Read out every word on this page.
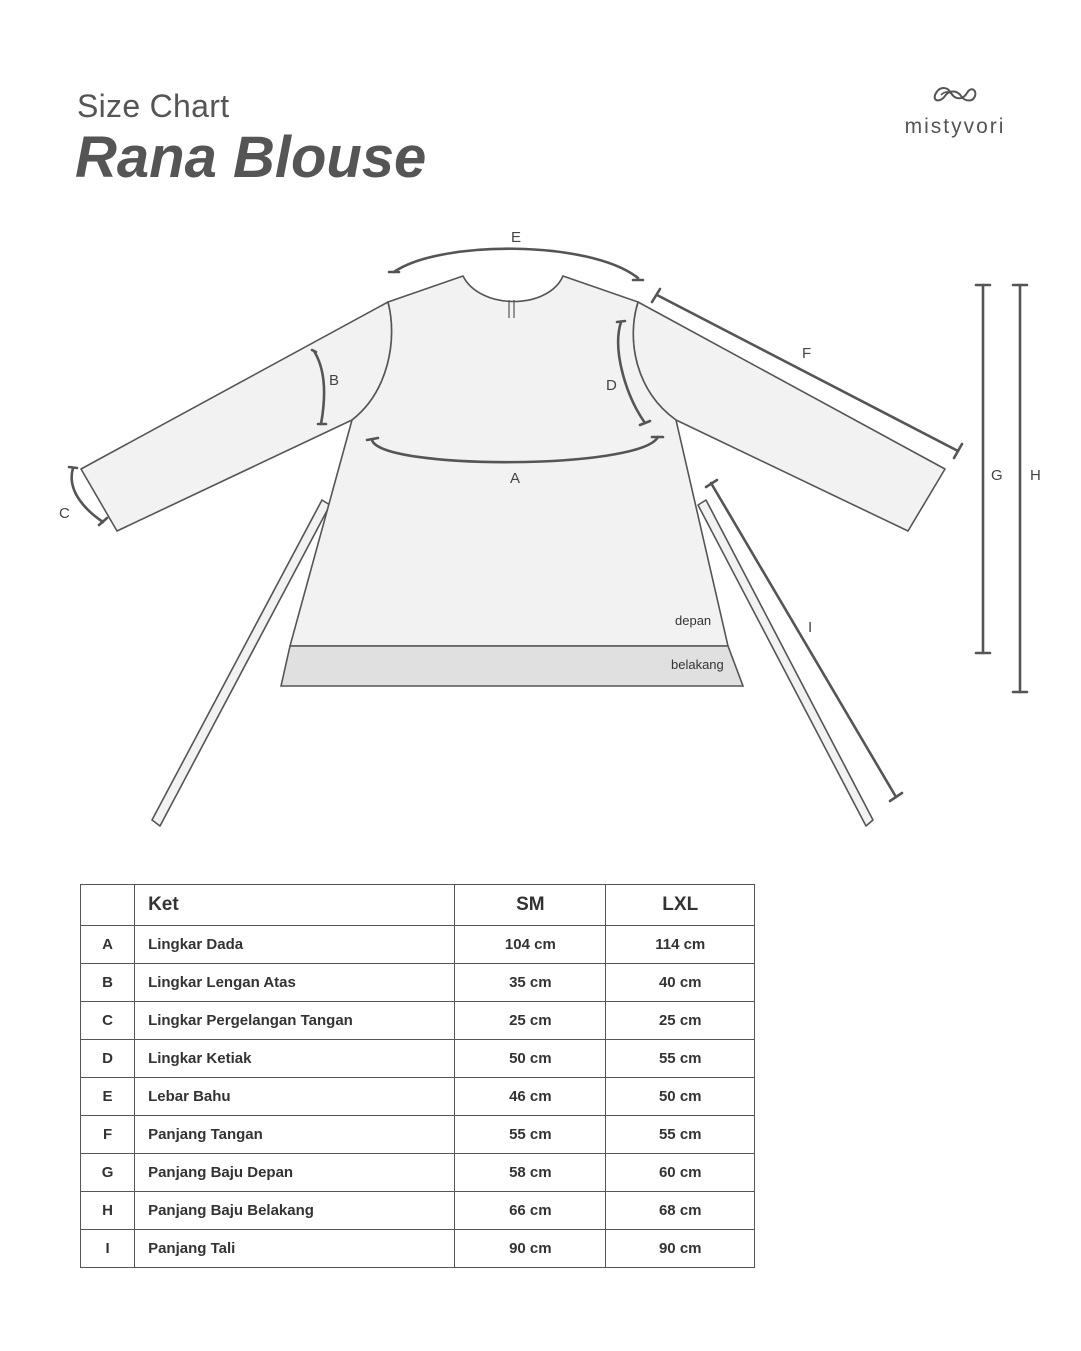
Size Chart
Rana Blouse	mistyvori
E
A
B	D
C
F
G H
I
depan
belakang
	Ket	SM	LXL
A	Lingkar Dada	104 cm	114 cm
B	Lingkar Lengan Atas	35 cm	40 cm
C	Lingkar Pergelangan Tangan	25 cm	25 cm
D	Lingkar Ketiak	50 cm	55 cm
E	Lebar Bahu	46 cm	50 cm
F	Panjang Tangan	55 cm	55 cm
G	Panjang Baju Depan	58 cm	60 cm
H	Panjang Baju Belakang	66 cm	68 cm
I	Panjang Tali	90 cm	90 cm
